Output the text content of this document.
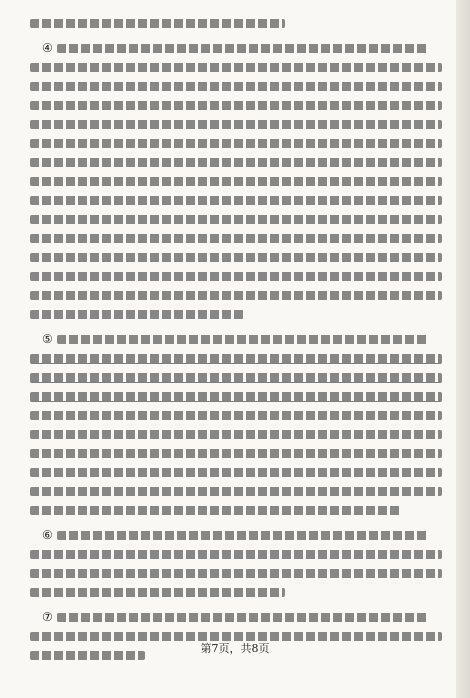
④
⑤
⑥
⑦
第7页，共8页
